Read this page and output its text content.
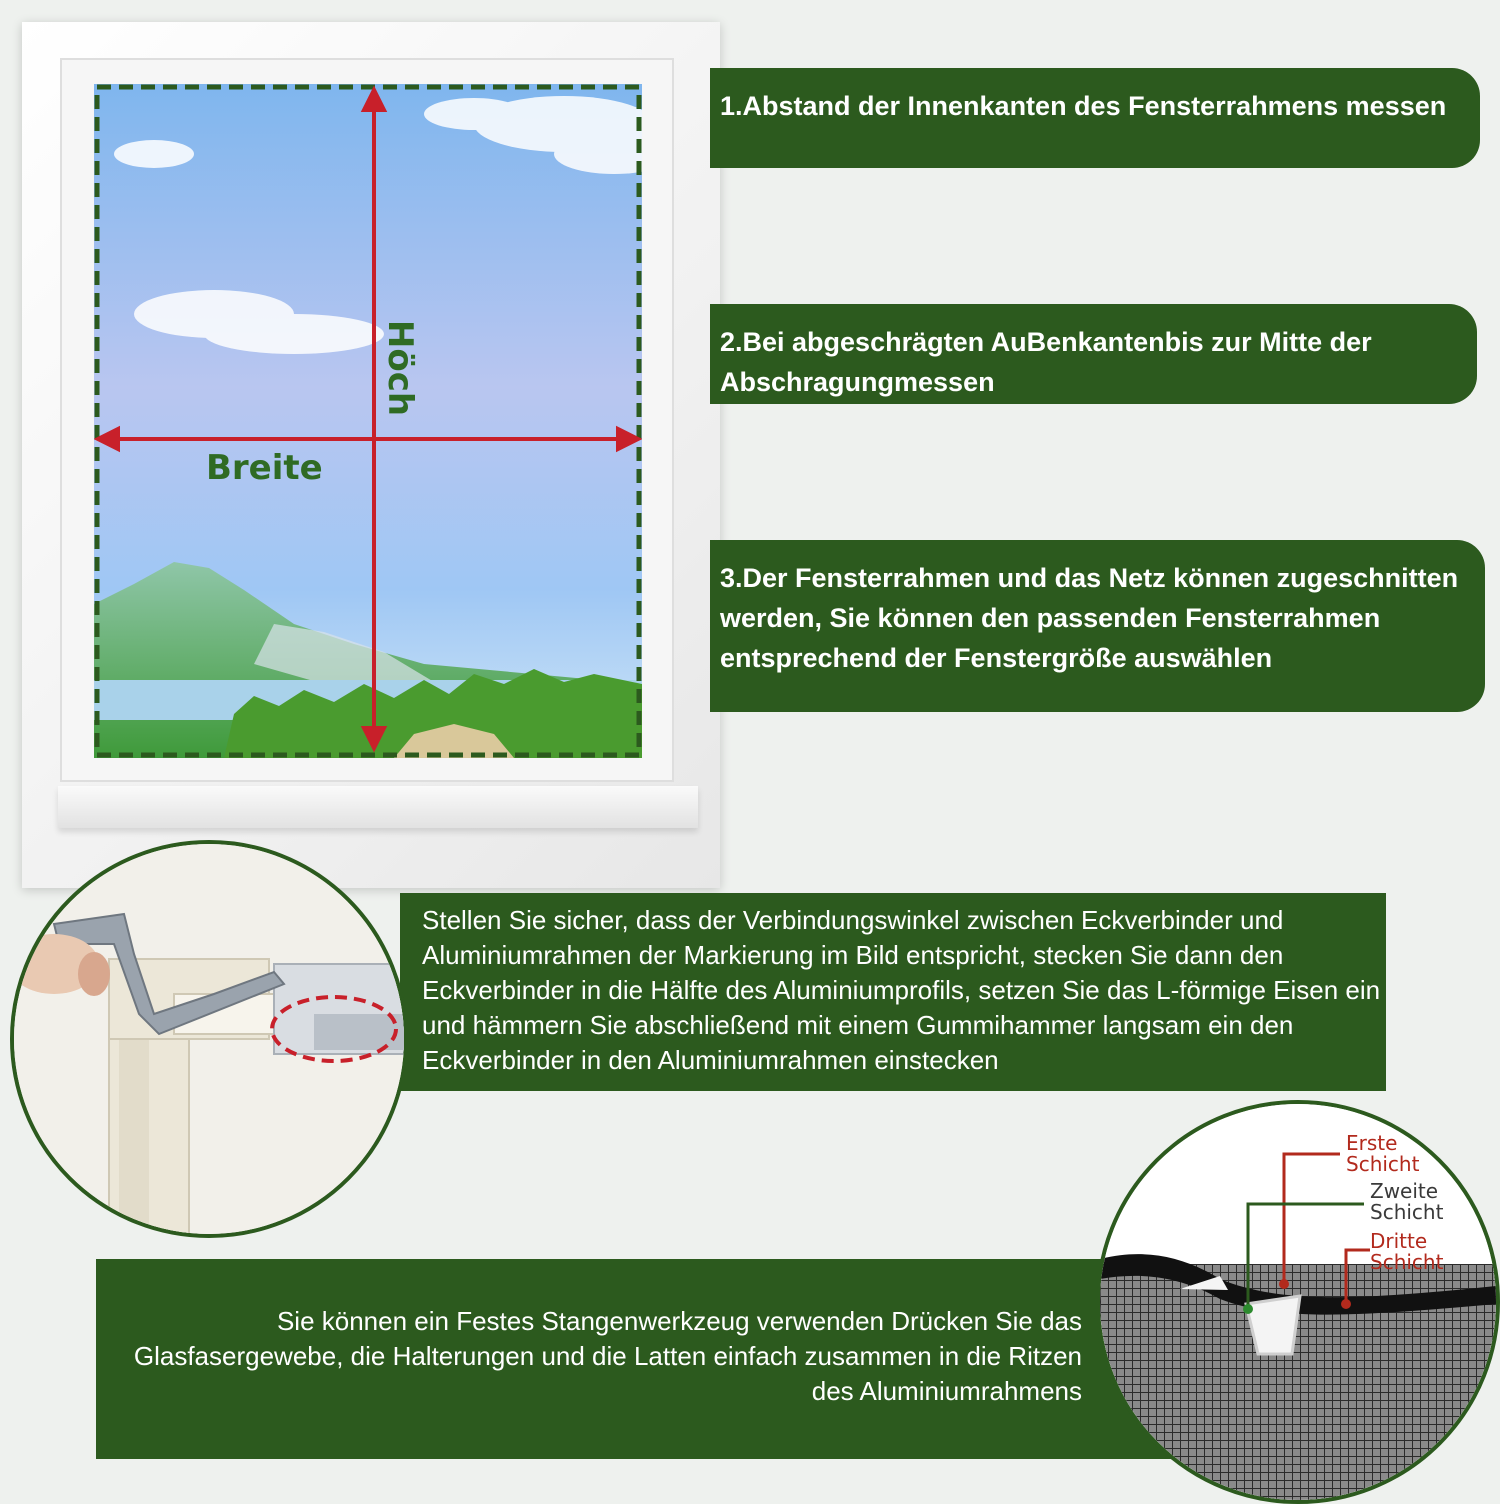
Breite
Höch
1.Abstand der Innenkanten des Fensterrahmens messen
2.Bei abgeschrägten AuBenkantenbis zur Mitte der Abschragungmessen
3.Der Fensterrahmen und das Netz können zugeschnitten werden, Sie können den passenden Fensterrahmen entsprechend der Fenstergröße auswählen
Stellen Sie sicher, dass der Verbindungswinkel zwischen Eckverbinder und Aluminiumrahmen der Markierung im Bild entspricht, stecken Sie dann den Eckverbinder in die Hälfte des Aluminiumprofils, setzen Sie das L-förmige Eisen ein und hämmern Sie abschließend mit einem Gummihammer langsam ein den Eckverbinder in den Aluminiumrahmen einstecken
Sie können ein Festes Stangenwerkzeug verwenden Drücken Sie das Glasfasergewebe, die Halterungen und die Latten einfach zusammen in die Ritzen des Aluminiumrahmens
Erste
Schicht
Zweite
Schicht
Dritte
Schicht
